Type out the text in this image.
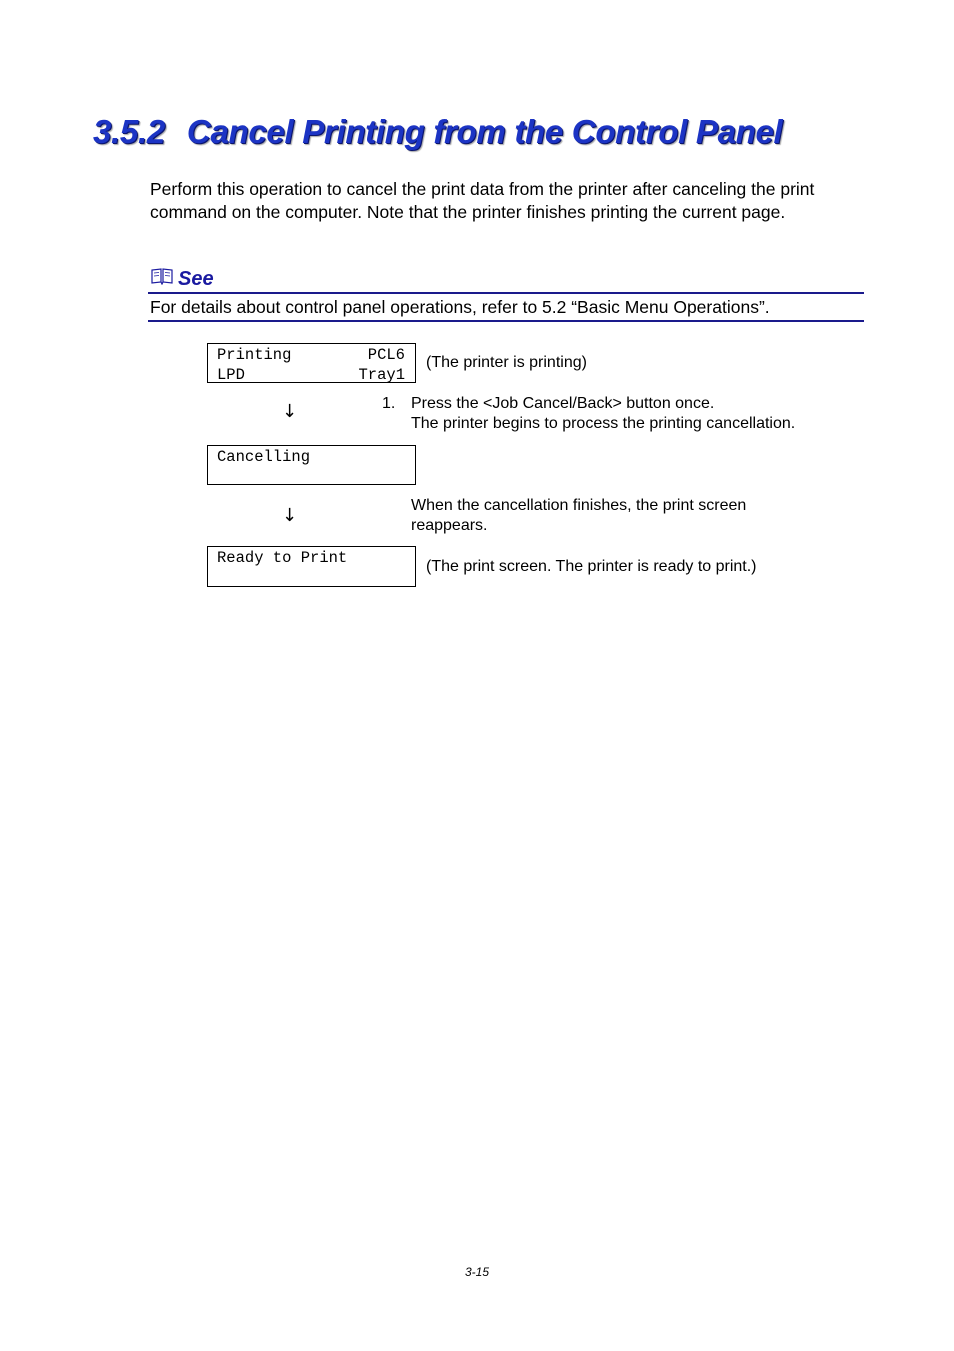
3.5.2 Cancel Printing from the Control Panel

Perform this operation to cancel the print data from the printer after canceling the print command on the computer. Note that the printer finishes printing the current page.

See

For details about control panel operations, refer to 5.2 “Basic Menu Operations”.

Printing	PCL6
LPD	Tray1
(The printer is printing)
↓	1. Press the <Job Cancel/Back> button once.
The printer begins to process the printing cancellation.
Cancelling
↓	When the cancellation finishes, the print screen
reappears.
Ready to Print	(The print screen. The printer is ready to print.)
3-15
